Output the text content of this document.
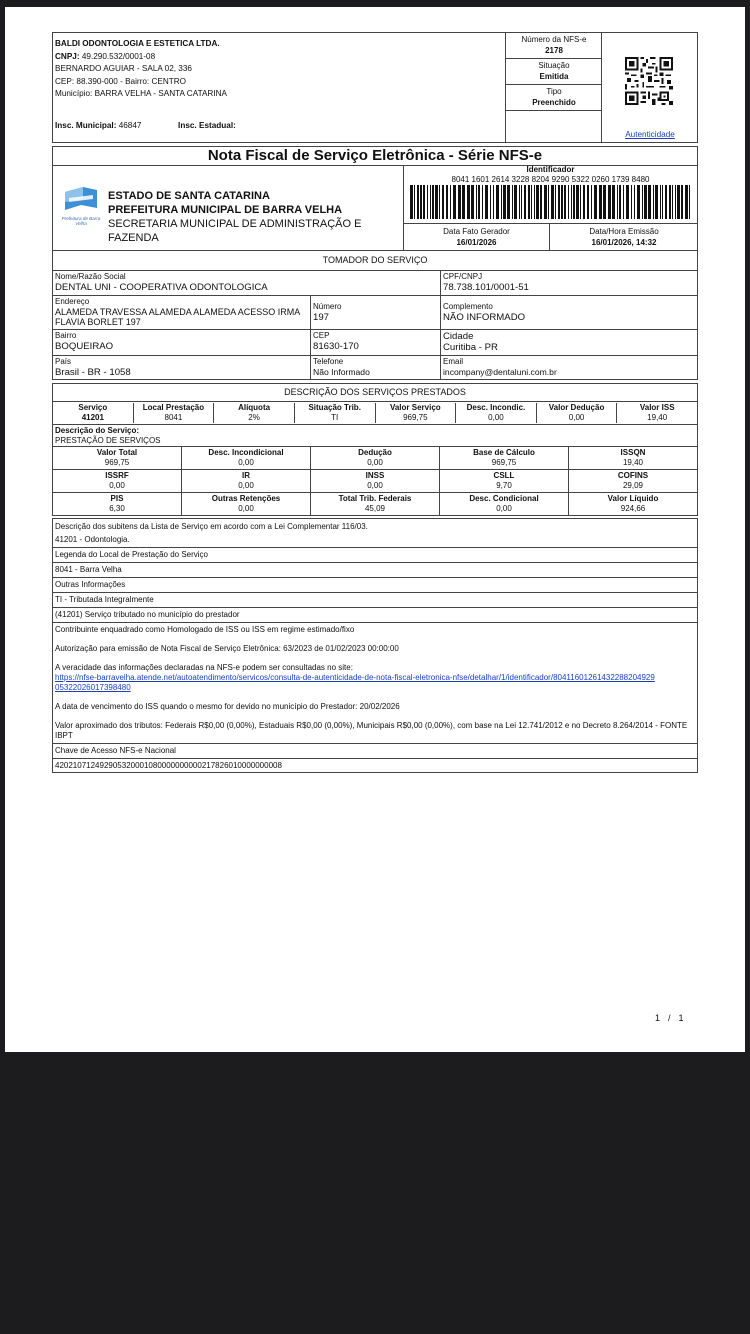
BALDI ODONTOLOGIA E ESTETICA LTDA.
CNPJ: 49.290.532/0001-08
BERNARDO AGUIAR - SALA 02, 336
CEP: 88.390-000 - Bairro: CENTRO
Município: BARRA VELHA - SANTA CATARINA
Insc. Municipal: 46847	Insc. Estadual:
Número da NFS-e
2178
Situação
Emitida
Tipo
Preenchido
Autenticidade
Nota Fiscal de Serviço Eletrônica - Série NFS-e
Prefeitura de Barra Velha
ESTADO DE SANTA CATARINA
PREFEITURA MUNICIPAL DE BARRA VELHA
SECRETARIA MUNICIPAL DE ADMINISTRAÇÃO E FAZENDA
Identificador
8041 1601 2614 3228 8204 9290 5322 0260 1739 8480
Data Fato Gerador
16/01/2026
Data/Hora Emissão
16/01/2026, 14:32
TOMADOR DO SERVIÇO
Nome/Razão Social
DENTAL UNI - COOPERATIVA ODONTOLOGICA
CPF/CNPJ
78.738.101/0001-51
Endereço
ALAMEDA TRAVESSA ALAMEDA ALAMEDA ACESSO IRMA FLAVIA BORLET 197
Número
197
Complemento
NÃO INFORMADO
Bairro
BOQUEIRAO
CEP
81630-170
Cidade
Curitiba - PR
País
Brasil - BR - 1058
Telefone
Não Informado
Email
incompany@dentaluni.com.br
DESCRIÇÃO DOS SERVIÇOS PRESTADOS
Serviço
41201
Local Prestação
8041
Alíquota
2%
Situação Trib.
TI
Valor Serviço
969,75
Desc. Incondic.
0,00
Valor Dedução
0,00
Valor ISS
19,40
Descrição do Serviço:
PRESTAÇÃO DE SERVIÇOS
Valor Total
969,75
Desc. Incondicional
0,00
Dedução
0,00
Base de Cálculo
969,75
ISSQN
19,40
ISSRF
0,00
IR
0,00
INSS
0,00
CSLL
9,70
COFINS
29,09
PIS
6,30
Outras Retenções
0,00
Total Trib. Federais
45,09
Desc. Condicional
0,00
Valor Líquido
924,66
Descrição dos subitens da Lista de Serviço em acordo com a Lei Complementar 116/03.
41201 - Odontologia.
Legenda do Local de Prestação do Serviço
8041 - Barra Velha
Outras Informações
TI - Tributada Integralmente
(41201) Serviço tributado no município do prestador
Contribuinte enquadrado como Homologado de ISS ou ISS em regime estimado/fixo
Autorização para emissão de Nota Fiscal de Serviço Eletrônica: 63/2023 de 01/02/2023 00:00:00
A veracidade das informações declaradas na NFS-e podem ser consultadas no site:
https://nfse-barravelha.atende.net/autoatendimento/servicos/consulta-de-autenticidade-de-nota-fiscal-eletronica-nfse/detalhar/1/identificador/80411601261432288204929053220260173984​80
A data de vencimento do ISS quando o mesmo for devido no município do Prestador: 20/02/2026
Valor aproximado dos tributos: Federais R$0,00 (0,00%), Estaduais R$0,00 (0,00%), Municipais R$0,00 (0,00%), com base na Lei 12.741/2012 e no Decreto 8.264/2014 - FONTE IBPT
Chave de Acesso NFS-e Nacional
42021071249290532000108000000000021782601000000000​8
1  /  1
